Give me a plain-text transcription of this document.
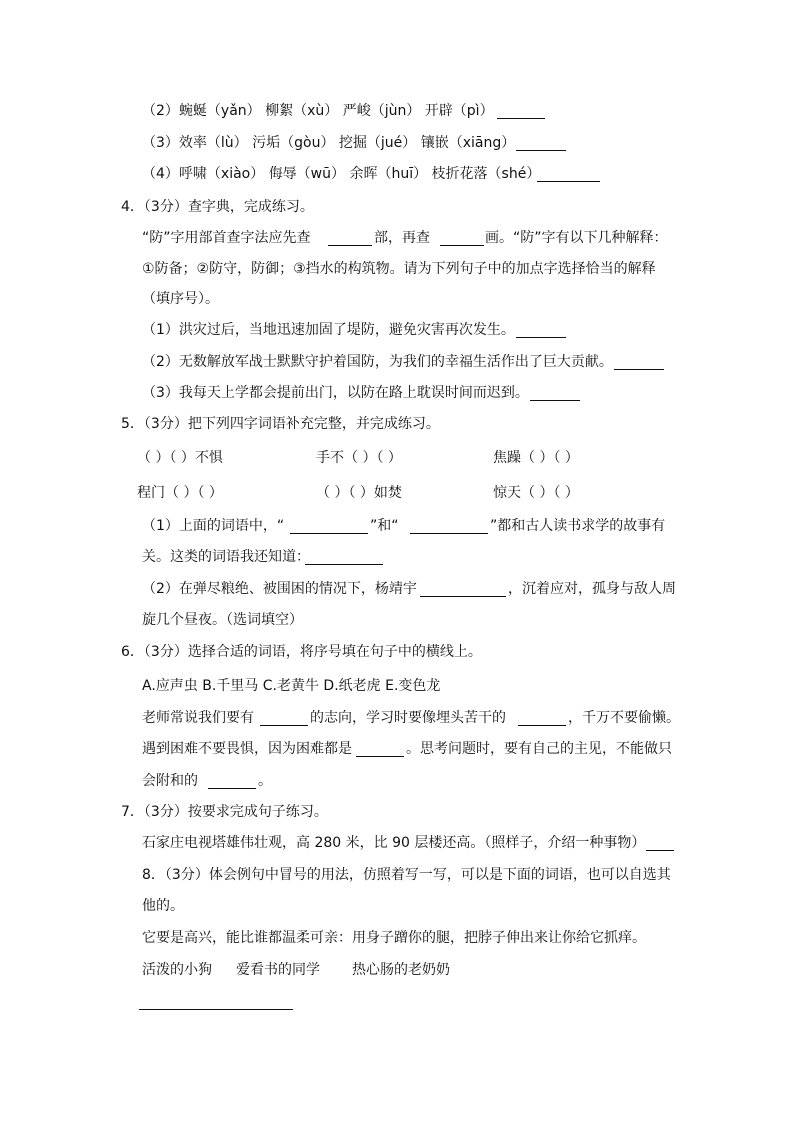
（2）蜿蜒（yǎn） 柳絮（xù） 严峻（jùn） 开辟（pì）
（3）效率（lù） 污垢（gòu） 挖掘（jué） 镶嵌（xiāng）
（4）呼啸（xiào） 侮辱（wū） 余晖（huī） 枝折花落（shé）
4．（3分）查字典，完成练习。
“防”字用部首查字法应先查	部，再查	画。“防”字有以下几种解释：
①防备；②防守，防御；③挡水的构筑物。请为下列句子中的加点字选择恰当的解释
（填序号）。
（1）洪灾过后，当地迅速加固了堤防，避免灾害再次发生。
（2）无数解放军战士默默守护着国防，为我们的幸福生活作出了巨大贡献。
（3）我每天上学都会提前出门，以防在路上耽误时间而迟到。
5．（3分）把下列四字词语补充完整，并完成练习。
（ ）（ ）不惧	手不（ ）（ ）	焦躁（ ）（ ）
程门（ ）（ ）	（ ）（ ）如焚	惊天（ ）（ ）
（1）上面的词语中，“	”和“	”都和古人读书求学的故事有
关。这类的词语我还知道：
（2）在弹尽粮绝、被围困的情况下，杨靖宇	，沉着应对，孤身与敌人周
旋几个昼夜。（选词填空）
6．（3分）选择合适的词语，将序号填在句子中的横线上。
A.应声虫 B.千里马 C.老黄牛 D.纸老虎 E.变色龙
老师常说我们要有	的志向，学习时要像埋头苦干的	，千万不要偷懒。
遇到困难不要畏惧，因为困难都是	。思考问题时，要有自己的主见，不能做只
会附和的	。
7．（3分）按要求完成句子练习。
石家庄电视塔雄伟壮观，高 280 米，比 90 层楼还高。（照样子，介绍一种事物）
8．（3分）体会例句中冒号的用法，仿照着写一写，可以是下面的词语，也可以自选其
他的。
它要是高兴，能比谁都温柔可亲：用身子蹭你的腿，把脖子伸出来让你给它抓痒。
活泼的小狗 爱看书的同学 热心肠的老奶奶
